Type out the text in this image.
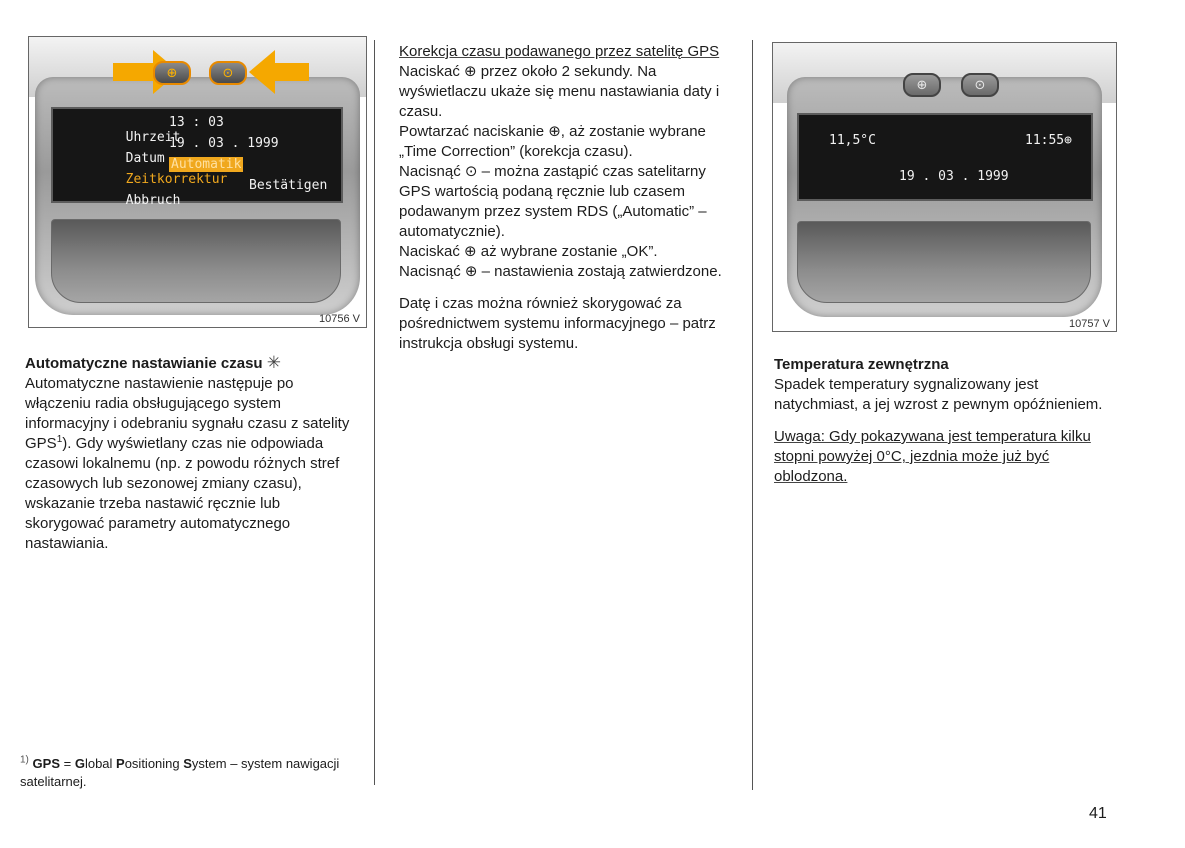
⊕	⊙

Uhrzeit

13 : 03

Datum

19 . 03 . 1999

Zeitkorrektur

Automatik

Abbruch

Bestätigen
10756 V
⊕	⊙
11,5°C	11:55⊕
19 . 03 . 1999
10757 V

Automatyczne nastawianie czasu ✳

Automatyczne nastawienie następuje po włączeniu radia obsługującego system informacyjny i odebraniu sygnału czasu z satelity GPS$^1$). Gdy wyświetlany czas nie odpowiada czasowi lokalnemu (np. z powodu różnych stref czasowych lub sezonowej zmiany czasu), wskazanie trzeba nastawić ręcznie lub skorygować parametry automatycznego nastawiania.

$^{1)}$ GPS = Global Positioning System – system nawigacji satelitarnej.

Korekcja czasu podawanego przez satelitę GPS

Naciskać ⊕ przez około 2 sekundy. Na wyświetlaczu ukaże się menu nastawiania daty i czasu.

Powtarzać naciskanie ⊕, aż zostanie wybrane „Time Correction” (korekcja czasu).

Nacisnąć ⊙ – można zastąpić czas satelitarny GPS wartością podaną ręcznie lub czasem podawanym przez system RDS („Automatic” – automatycznie).

Naciskać ⊕ aż wybrane zostanie „OK”.

Nacisnąć ⊕ – nastawienia zostają zatwierdzone.

Datę i czas można również skorygować za pośrednictwem systemu informacyjnego – patrz instrukcja obsługi systemu.

Temperatura zewnętrzna

Spadek temperatury sygnalizowany jest natychmiast, a jej wzrost z pewnym opóźnieniem.

Uwaga: Gdy pokazywana jest temperatura kilku stopni powyżej 0°C, jezdnia może już być oblodzona.

41
